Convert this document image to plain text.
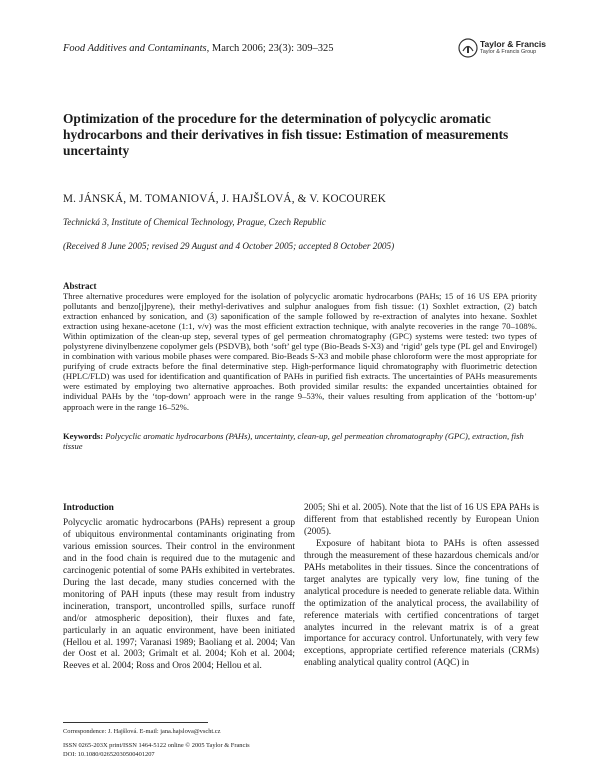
Food Additives and Contaminants, March 2006; 23(3): 309–325	Taylor & Francis
Taylor & Francis Group
Optimization of the procedure for the determination of polycyclic aromatic hydrocarbons and their derivatives in fish tissue: Estimation of measurements uncertainty
M. JÁNSKÁ, M. TOMANIOVÁ, J. HAJŠLOVÁ, & V. KOCOUREK
Technická 3, Institute of Chemical Technology, Prague, Czech Republic
(Received 8 June 2005; revised 29 August and 4 October 2005; accepted 8 October 2005)
Abstract
Three alternative procedures were employed for the isolation of polycyclic aromatic hydrocarbons (PAHs; 15 of 16 US EPA priority pollutants and benzo[j]pyrene), their methyl-derivatives and sulphur analogues from fish tissue: (1) Soxhlet extraction, (2) batch extraction enhanced by sonication, and (3) saponification of the sample followed by re-extraction of analytes into hexane. Soxhlet extraction using hexane-acetone (1:1, v/v) was the most efficient extraction technique, with analyte recoveries in the range 70–108%. Within optimization of the clean-up step, several types of gel permeation chromatography (GPC) systems were tested: two types of polystyrene divinylbenzene copolymer gels (PSDVB), both ‘soft’ gel type (Bio-Beads S-X3) and ‘rigid’ gels type (PL gel and Envirogel) in combination with various mobile phases were compared. Bio-Beads S-X3 and mobile phase chloroform were the most appropriate for purifying of crude extracts before the final determinative step. High-performance liquid chromatography with fluorimetric detection (HPLC/FLD) was used for identification and quantification of PAHs in purified fish extracts. The uncertainties of PAHs measurements were estimated by employing two alternative approaches. Both provided similar results: the expanded uncertainties obtained for individual PAHs by the ‘top-down’ approach were in the range 9–53%, their values resulting from application of the ‘bottom-up’ approach were in the range 16–52%.
Keywords: Polycyclic aromatic hydrocarbons (PAHs), uncertainty, clean-up, gel permeation chromatography (GPC), extraction, fish tissue
Introduction

Polycyclic aromatic hydrocarbons (PAHs) represent a group of ubiquitous environmental contaminants originating from various emission sources. Their control in the environment and in the food chain is required due to the mutagenic and carcinogenic potential of some PAHs exhibited in vertebrates. During the last decade, many studies concerned with the monitoring of PAH inputs (these may result from industry incineration, transport, uncontrolled spills, surface runoff and/or atmospheric deposition), their fluxes and fate, particularly in an aquatic environment, have been initiated (Hellou et al. 1997; Varanasi 1989; Baoliang et al. 2004; Van der Oost et al. 2003; Grimalt et al. 2004; Koh et al. 2004; Reeves et al. 2004; Ross and Oros 2004; Hellou et al.

2005; Shi et al. 2005). Note that the list of 16 US EPA PAHs is different from that established recently by European Union (2005).

Exposure of habitant biota to PAHs is often assessed through the measurement of these hazardous chemicals and/or PAHs metabolites in their tissues. Since the concentrations of target analytes are typically very low, fine tuning of the analytical procedure is needed to generate reliable data. Within the optimization of the analytical process, the availability of reference materials with certified concentrations of target analytes incurred in the relevant matrix is of a great importance for accuracy control. Unfortunately, with very few exceptions, appropriate certified reference materials (CRMs) enabling analytical quality control (AQC) in

Correspondence: J. Hajšlová. E-mail: jana.hajslova@vscht.cz
ISSN 0265-203X print/ISSN 1464-5122 online © 2005 Taylor & Francis
DOI: 10.1080/02652030500401207
